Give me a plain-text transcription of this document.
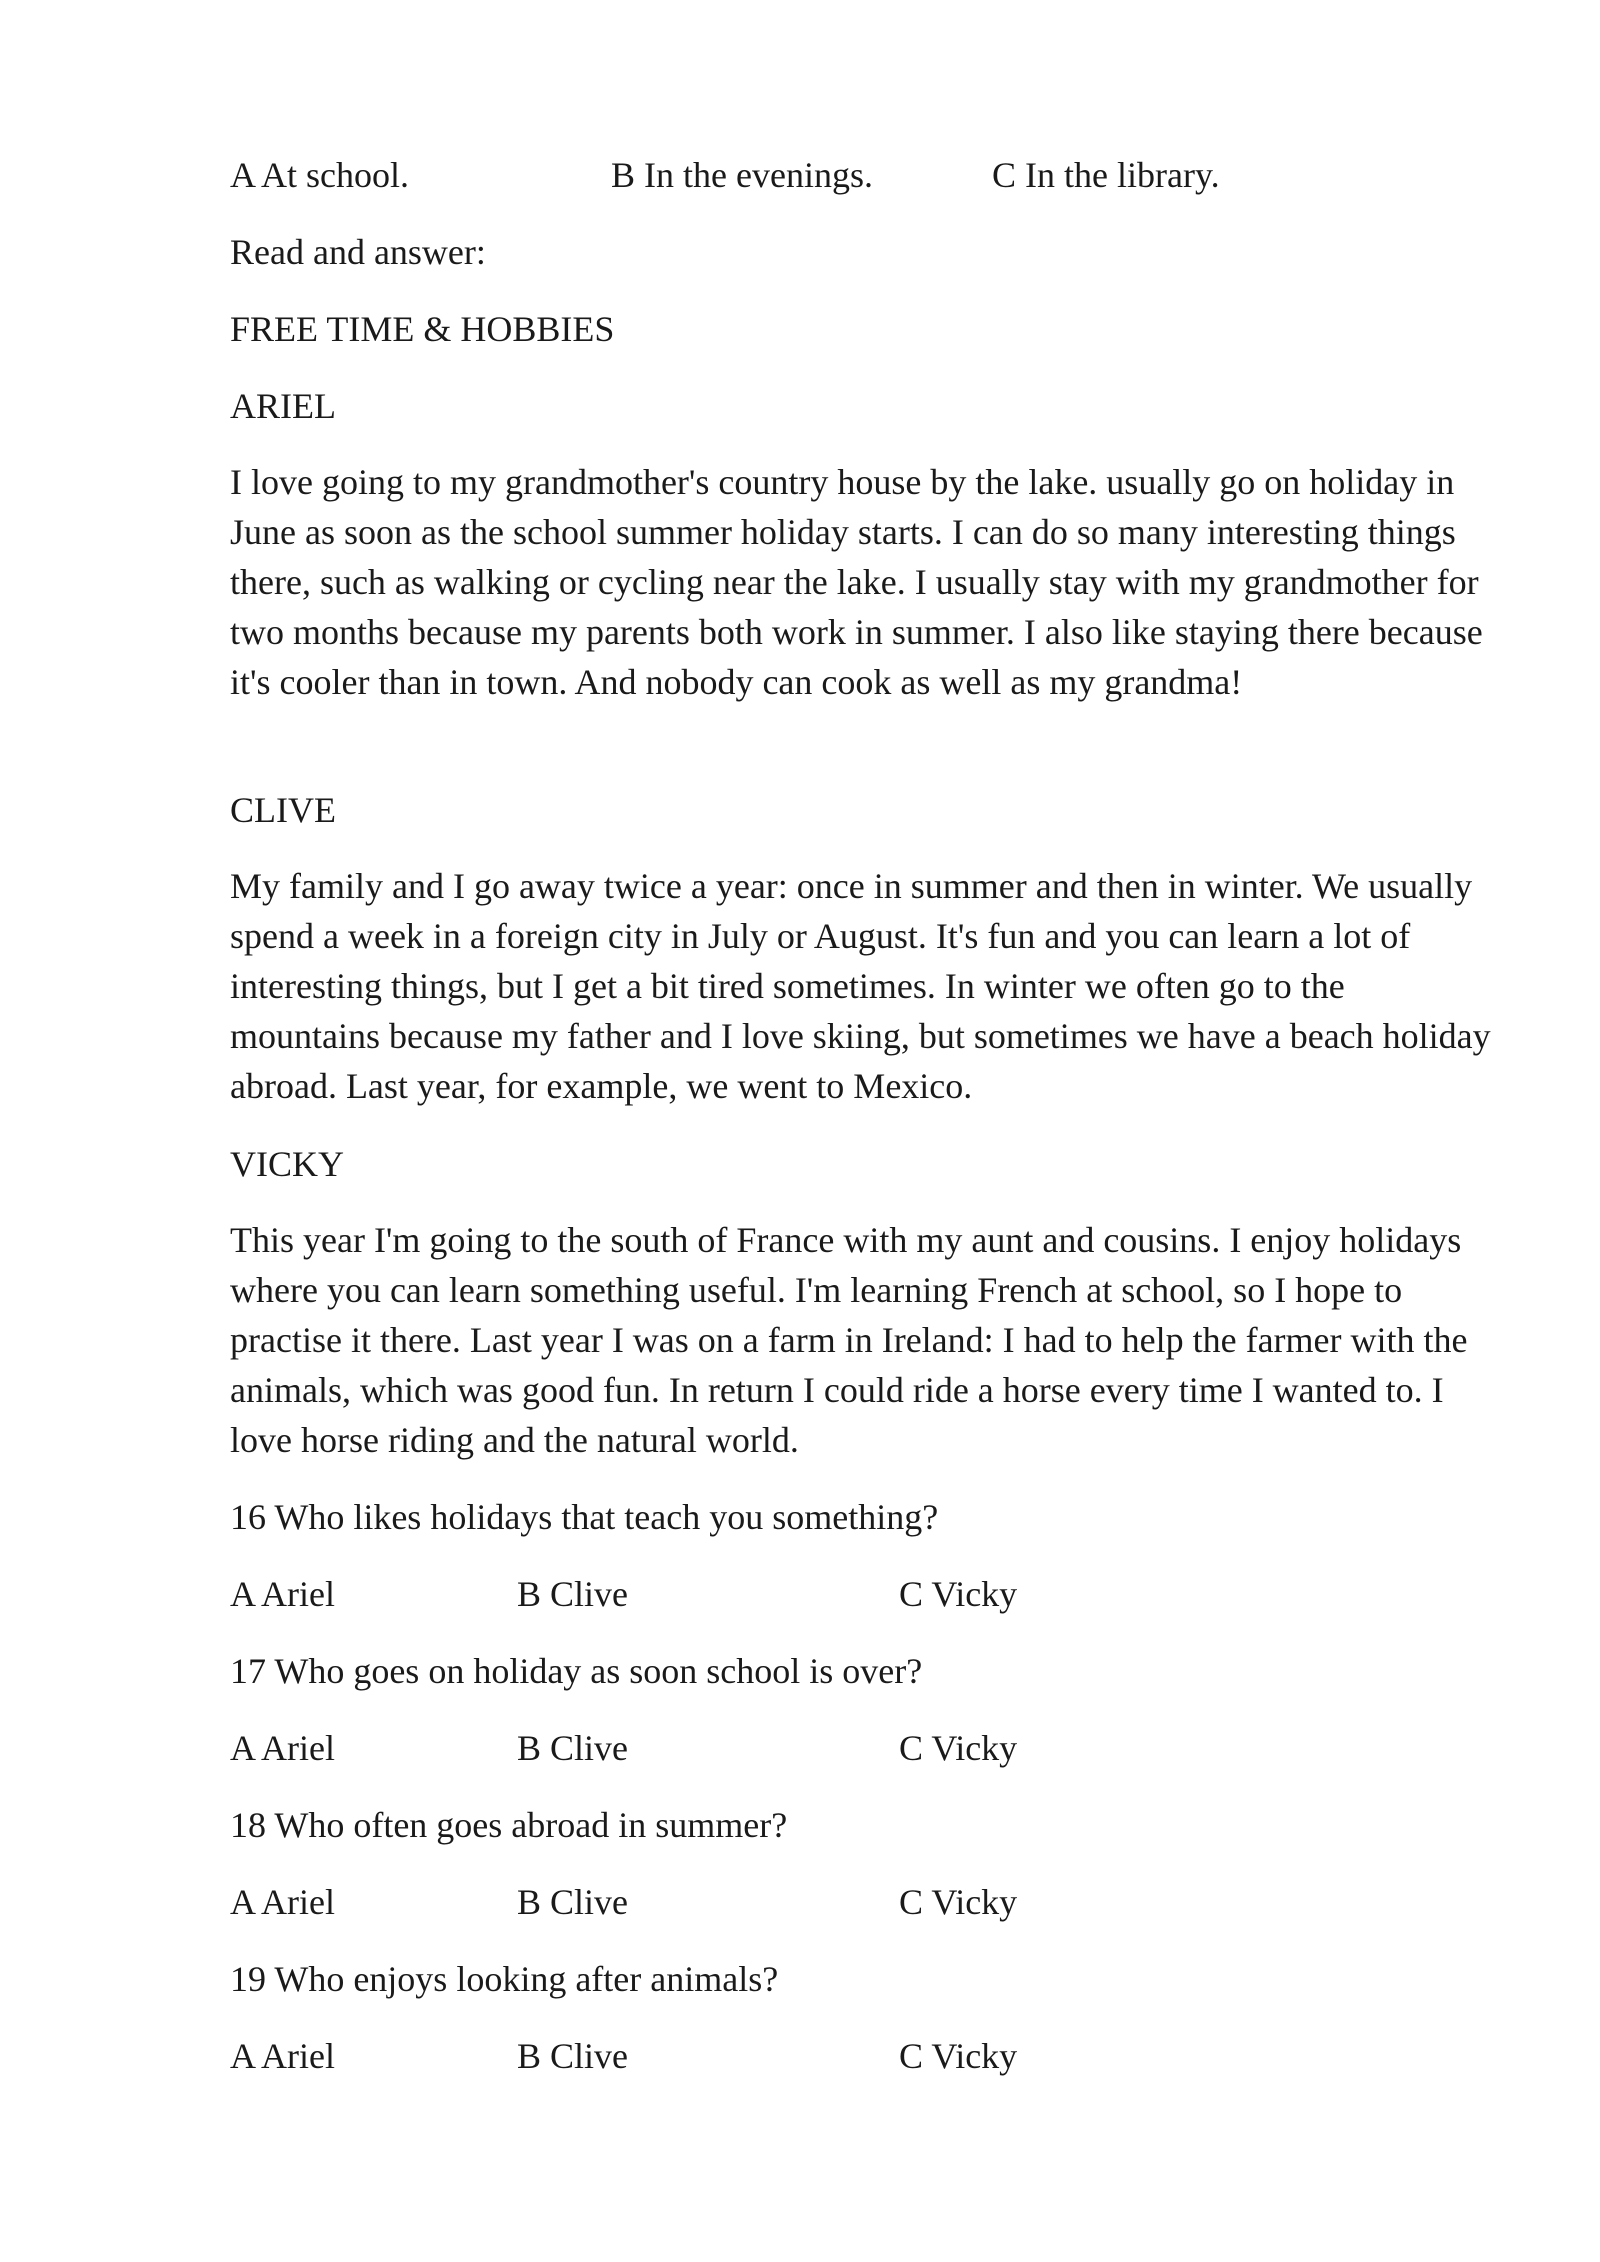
A At school.	B In the evenings.	C In the library.
Read and answer:
FREE TIME & HOBBIES
ARIEL

I love going to my grandmother's country house by the lake. usually go on holiday in June as soon as the school summer holiday starts. I can do so many interesting things there, such as walking or cycling near the lake. I usually stay with my grandmother for two months because my parents both work in summer. I also like staying there because it's cooler than in town. And nobody can cook as well as my grandma!

CLIVE

My family and I go away twice a year: once in summer and then in winter. We usually spend a week in a foreign city in July or August. It's fun and you can learn a lot of interesting things, but I get a bit tired sometimes. In winter we often go to the mountains because my father and I love skiing, but sometimes we have a beach holiday abroad. Last year, for example, we went to Mexico.

VICKY

This year I'm going to the south of France with my aunt and cousins. I enjoy holidays where you can learn something useful. I'm learning French at school, so I hope to practise it there. Last year I was on a farm in Ireland: I had to help the farmer with the animals, which was good fun. In return I could ride a horse every time I wanted to. I love horse riding and the natural world.

16 Who likes holidays that teach you something?
A Ariel	B Clive	C Vicky
17 Who goes on holiday as soon school is over?
A Ariel	B Clive	C Vicky
18 Who often goes abroad in summer?
A Ariel	B Clive	C Vicky
19 Who enjoys looking after animals?
A Ariel	B Clive	C Vicky
